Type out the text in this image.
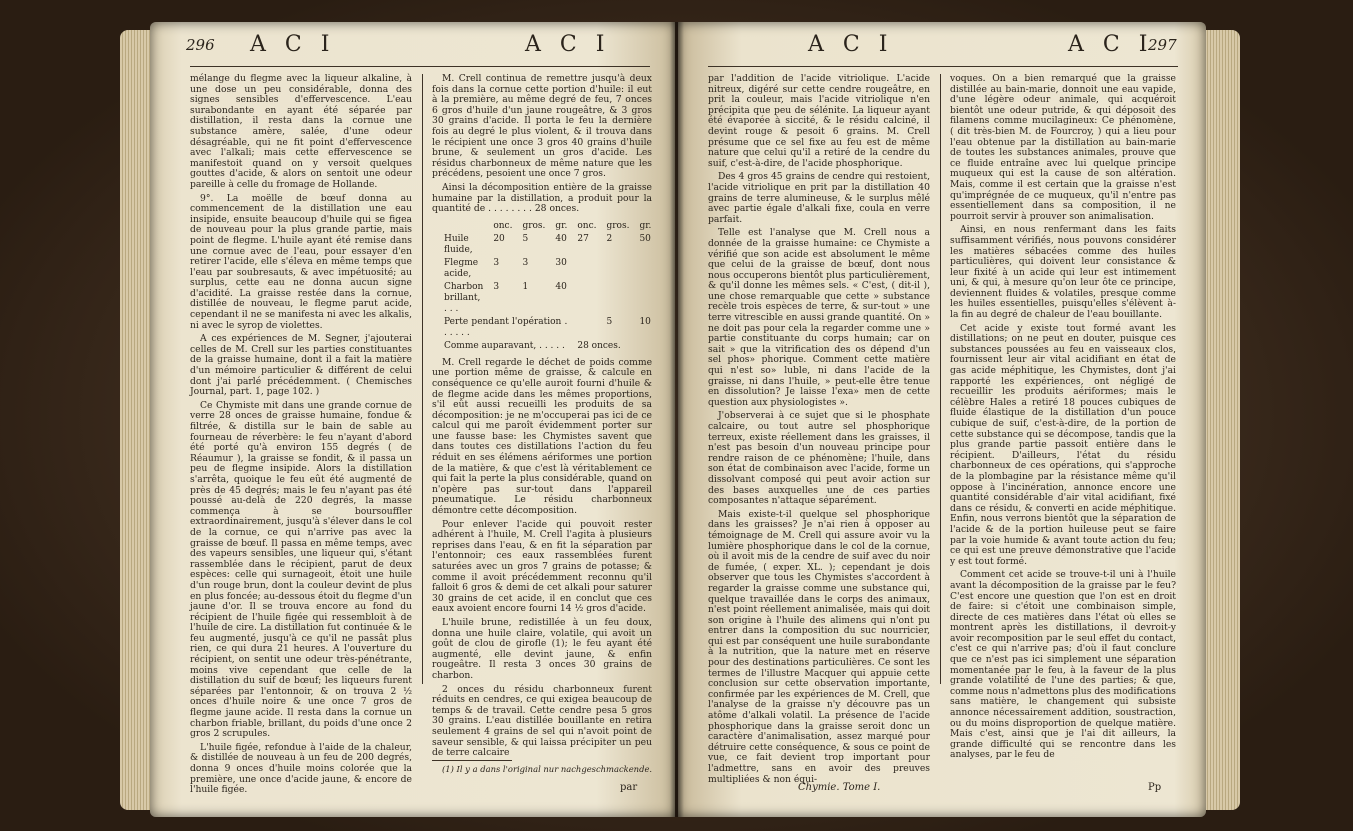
296 A C I	A C I

mélange du flegme avec la liqueur alkaline, à une dose un peu considérable, donna des signes sensibles d'effervescence. L'eau surabondante en ayant été séparée par distillation, il resta dans la cornue une substance amère, salée, d'une odeur désagréable, qui ne fit point d'effervescence avec l'alkali; mais cette effervescence se manifestoit quand on y versoit quelques gouttes d'acide, & alors on sentoit une odeur pareille à celle du fromage de Hollande.

9°. La moëlle de bœuf donna au commencement de la distillation une eau insipide, ensuite beaucoup d'huile qui se figea de nouveau pour la plus grande partie, mais point de flegme. L'huile ayant été remise dans une cornue avec de l'eau, pour essayer d'en retirer l'acide, elle s'éleva en même temps que l'eau par soubresauts, & avec impétuosité; au surplus, cette eau ne donna aucun signe d'acidité. La graisse restée dans la cornue, distillée de nouveau, le flegme parut acide, cependant il ne se manifesta ni avec les alkalis, ni avec le syrop de violettes.

A ces expériences de M. Segner, j'ajouterai celles de M. Crell sur les parties constituantes de la graisse humaine, dont il a fait la matière d'un mémoire particulier & différent de celui dont j'ai parlé précédemment. ( Chemisches Journal, part. 1, page 102. )

Ce Chymiste mit dans une grande cornue de verre 28 onces de graisse humaine, fondue & filtrée, & distilla sur le bain de sable au fourneau de réverbère: le feu n'ayant d'abord été porté qu'à environ 155 degrés ( de Réaumur ), la graisse se fondit, & il passa un peu de flegme insipide. Alors la distillation s'arrêta, quoique le feu eût été augmenté de près de 45 degrés; mais le feu n'ayant pas été poussé au-delà de 220 degrés, la masse commença à se boursouffler extraordinairement, jusqu'à s'élever dans le col de la cornue, ce qui n'arrive pas avec la graisse de bœuf. Il passa en même temps, avec des vapeurs sensibles, une liqueur qui, s'étant rassemblée dans le récipient, parut de deux espèces: celle qui surnageoit, étoit une huile d'un rouge brun, dont la couleur devint de plus en plus foncée; au-dessous étoit du flegme d'un jaune d'or. Il se trouva encore au fond du récipient de l'huile figée qui ressembloit à de l'huile de cire. La distillation fut continuée & le feu augmenté, jusqu'à ce qu'il ne passât plus rien, ce qui dura 21 heures. A l'ouverture du récipient, on sentit une odeur très-pénétrante, moins vive cependant que celle de la distillation du suif de bœuf; les liqueurs furent séparées par l'entonnoir, & on trouva 2 ½ onces d'huile noire & une once 7 gros de flegme jaune acide. Il resta dans la cornue un charbon friable, brillant, du poids d'une once 2 gros 2 scrupules.

L'huile figée, refondue à l'aide de la chaleur, & distillée de nouveau à un feu de 200 degrés, donna 9 onces d'huile moins colorée que la première, une once d'acide jaune, & encore de l'huile figée.

M. Crell continua de remettre jusqu'à deux fois dans la cornue cette portion d'huile: il eut à la première, au même degré de feu, 7 onces 6 gros d'huile d'un jaune rougeâtre, & 3 gros 30 grains d'acide. Il porta le feu la dernière fois au degré le plus violent, & il trouva dans le récipient une once 3 gros 40 grains d'huile brune, & seulement un gros d'acide. Les résidus charbonneux de même nature que les précédens, pesoient une once 7 gros.

Ainsi la décomposition entière de la graisse humaine par la distillation, a produit pour la quantité de . . . . . . . . 28 onces.

	onc.	gros.	gr.	onc.	gros.	gr.
Huile fluide,	20	5	40	27	2	50
Flegme acide,	3	3	30			
Charbon brillant, . . .	3	1	40			
Perte pendant l'opération . . . . . .					5	10
Comme auparavant, . . . . .				28 onces.		

M. Crell regarde le déchet de poids comme une portion même de graisse, & calcule en conséquence ce qu'elle auroit fourni d'huile & de flegme acide dans les mêmes proportions, s'il eût aussi recueilli les produits de sa décomposition: je ne m'occuperai pas ici de ce calcul qui me paroît évidemment porter sur une fausse base: les Chymistes savent que dans toutes ces distillations l'action du feu réduit en ses élémens aériformes une portion de la matière, & que c'est là véritablement ce qui fait la perte la plus considérable, quand on n'opère pas sur-tout dans l'appareil pneumatique. Le résidu charbonneux démontre cette décomposition.

Pour enlever l'acide qui pouvoit rester adhérent à l'huile, M. Crell l'agita à plusieurs reprises dans l'eau, & en fit la séparation par l'entonnoir; ces eaux rassemblées furent saturées avec un gros 7 grains de potasse; & comme il avoit précédemment reconnu qu'il falloit 6 gros & demi de cet alkali pour saturer 30 grains de cet acide, il en conclut que ces eaux avoient encore fourni 14 ½ gros d'acide.

L'huile brune, redistillée à un feu doux, donna une huile claire, volatile, qui avoit un goût de clou de girofle (1); le feu ayant été augmenté, elle devint jaune, & enfin rougeâtre. Il resta 3 onces 30 grains de charbon.

2 onces du résidu charbonneux furent réduits en cendres, ce qui exigea beaucoup de temps & de travail. Cette cendre pesa 5 gros 30 grains. L'eau distillée bouillante en retira seulement 4 grains de sel qui n'avoit point de saveur sensible, & qui laissa précipiter un peu de terre calcaire

(1) Il y a dans l'original nur nachgeschmackende.
par
A C I	A C I
297

par l'addition de l'acide vitriolique. L'acide nitreux, digéré sur cette cendre rougeâtre, en prit la couleur, mais l'acide vitriolique n'en précipita que peu de sélénite. La liqueur ayant été évaporée à siccité, & le résidu calciné, il devint rouge & pesoit 6 grains. M. Crell présume que ce sel fixe au feu est de même nature que celui qu'il a retiré de la cendre du suif, c'est-à-dire, de l'acide phosphorique.

Des 4 gros 45 grains de cendre qui restoient, l'acide vitriolique en prit par la distillation 40 grains de terre alumineuse, & le surplus mêlé avec partie égale d'alkali fixe, coula en verre parfait.

Telle est l'analyse que M. Crell nous a donnée de la graisse humaine: ce Chymiste a vérifié que son acide est absolument le même que celui de la graisse de bœuf, dont nous nous occuperons bientôt plus particulièrement, & qu'il donne les mêmes sels. « C'est, ( dit-il ), une chose remarquable que cette » substance recèle trois espèces de terre, & sur-tout » une terre vitrescible en aussi grande quantité. On » ne doit pas pour cela la regarder comme une » partie constituante du corps humain; car on sait » que la vitrification des os dépend d'un sel phos» phorique. Comment cette matière qui n'est so» luble, ni dans l'acide de la graisse, ni dans l'huile, » peut-elle être tenue en dissolution? Je laisse l'exa» men de cette question aux physiologistes ».

J'observerai à ce sujet que si le phosphate calcaire, ou tout autre sel phosphorique terreux, existe réellement dans les graisses, il n'est pas besoin d'un nouveau principe pour rendre raison de ce phénomène; l'huile, dans son état de combinaison avec l'acide, forme un dissolvant composé qui peut avoir action sur des bases auxquelles une de ces parties composantes n'attaque séparément.

Mais existe-t-il quelque sel phosphorique dans les graisses? Je n'ai rien à opposer au témoignage de M. Crell qui assure avoir vu la lumière phosphorique dans le col de la cornue, où il avoit mis de la cendre de suif avec du noir de fumée, ( exper. XL. ); cependant je dois observer que tous les Chymistes s'accordent à regarder la graisse comme une substance qui, quelque travaillée dans le corps des animaux, n'est point réellement animalisée, mais qui doit son origine à l'huile des alimens qui n'ont pu entrer dans la composition du suc nourricier, qui est par conséquent une huile surabondante à la nutrition, que la nature met en réserve pour des destinations particulières. Ce sont les termes de l'illustre Macquer qui appuie cette conclusion sur cette observation importante, confirmée par les expériences de M. Crell, que l'analyse de la graisse n'y découvre pas un atôme d'alkali volatil. La présence de l'acide phosphorique dans la graisse seroit donc un caractère d'animalisation, assez marqué pour détruire cette conséquence, & sous ce point de vue, ce fait devient trop important pour l'admettre, sans en avoir des preuves multipliées & non équi-

voques. On a bien remarqué que la graisse distillée au bain-marie, donnoit une eau vapide, d'une légère odeur animale, qui acquéroit bientôt une odeur putride, & qui déposoit des filamens comme mucilagineux: Ce phénomène, ( dit très-bien M. de Fourcroy, ) qui a lieu pour l'eau obtenue par la distillation au bain-marie de toutes les substances animales, prouve que ce fluide entraîne avec lui quelque principe muqueux qui est la cause de son altération. Mais, comme il est certain que la graisse n'est qu'imprégnée de ce muqueux, qu'il n'entre pas essentiellement dans sa composition, il ne pourroit servir à prouver son animalisation.

Ainsi, en nous renfermant dans les faits suffisamment vérifiés, nous pouvons considérer les matières sébacées comme des huiles particulières, qui doivent leur consistance & leur fixité à un acide qui leur est intimement uni, & qui, à mesure qu'on leur ôte ce principe, deviennent fluides & volatiles, presque comme les huiles essentielles, puisqu'elles s'élèvent à-la fin au degré de chaleur de l'eau bouillante.

Cet acide y existe tout formé avant les distillations; on ne peut en douter, puisque ces substances poussées au feu en vaisseaux clos, fournissent leur air vital acidifiant en état de gas acide méphitique, les Chymistes, dont j'ai rapporté les expériences, ont négligé de recueillir les produits aériformes; mais le célèbre Hales a retiré 18 pouces cubiques de fluide élastique de la distillation d'un pouce cubique de suif, c'est-à-dire, de la portion de cette substance qui se décompose, tandis que la plus grande partie passoit entière dans le récipient. D'ailleurs, l'état du résidu charbonneux de ces opérations, qui s'approche de la plombagine par la résistance même qu'il oppose à l'incinération, annonce encore une quantité considérable d'air vital acidifiant, fixé dans ce résidu, & converti en acide méphitique. Enfin, nous verrons bientôt que la séparation de l'acide & de la portion huileuse peut se faire par la voie humide & avant toute action du feu; ce qui est une preuve démonstrative que l'acide y est tout formé.

Comment cet acide se trouve-t-il uni à l'huile avant la décomposition de la graisse par le feu? C'est encore une question que l'on est en droit de faire: si c'étoit une combinaison simple, directe de ces matières dans l'état où elles se montrent après les distillations, il devroit-y avoir recomposition par le seul effet du contact, c'est ce qui n'arrive pas; d'où il faut conclure que ce n'est pas ici simplement une séparation momentanée par le feu, à la faveur de la plus grande volatilité de l'une des parties; & que, comme nous n'admettons plus des modifications sans matière, le changement qui subsiste annonce nécessairement addition, soustraction, ou du moins disproportion de quelque matière. Mais c'est, ainsi que je l'ai dit ailleurs, la grande difficulté qui se rencontre dans les analyses, par le feu de

Chymie. Tome I.	Pp
